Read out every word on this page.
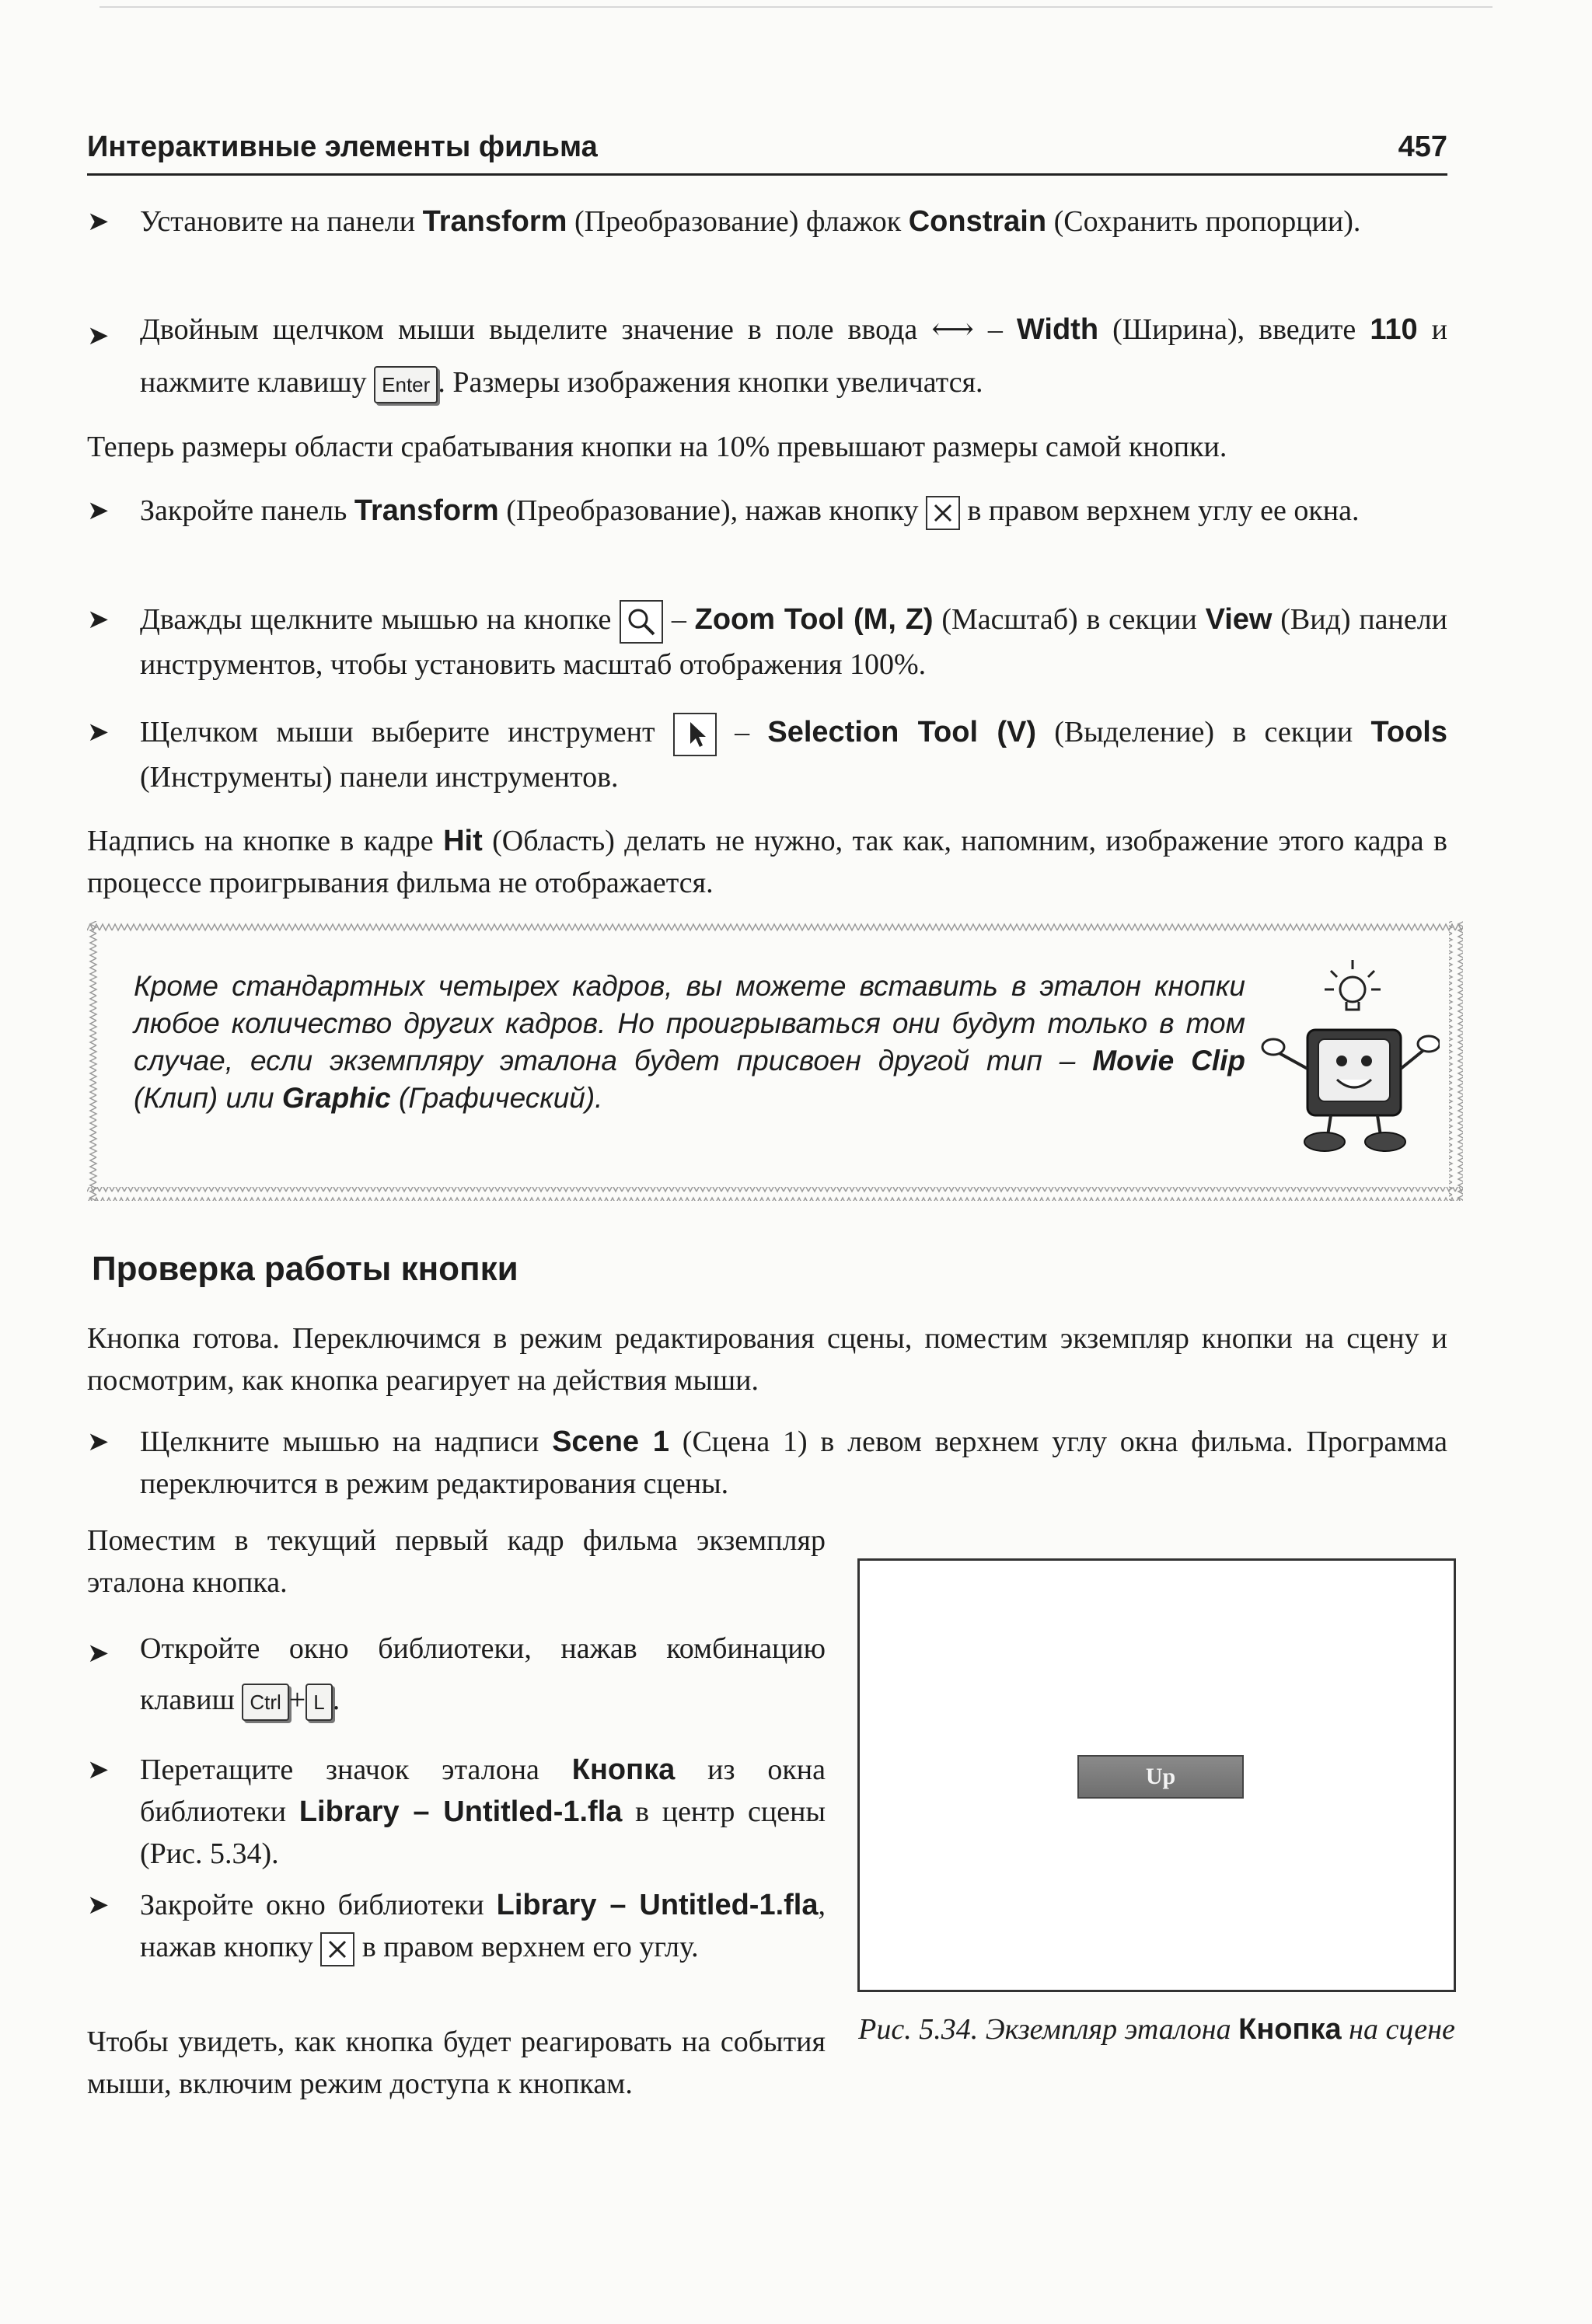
Интерактивные элементы фильма	457
➤ Установите на панели Transform (Преобразование) флажок Constrain (Сохранить пропорции).
➤ Двойным щелчком мыши выделите значение в поле ввода ⟷ – Width (Ширина), введите 110 и нажмите клавишу Enter . Размеры изображения кнопки увеличатся.
Теперь размеры области срабатывания кнопки на 10% превышают размеры самой кнопки.
➤ Закройте панель Transform (Преобразование), нажав кнопку  в правом верхнем углу ее окна.
➤ Дважды щелкните мышью на кнопке  – Zoom Tool (M, Z) (Масштаб) в секции View (Вид) панели инструментов, чтобы установить масштаб отображения 100%.
➤ Щелчком мыши выберите инструмент  – Selection Tool (V) (Выделение) в секции Tools (Инструменты) панели инструментов.
Надпись на кнопке в кадре Hit (Область) делать не нужно, так как, напомним, изображение этого кадра в процессе проигрывания фильма не отображается.
Кроме стандартных четырех кадров, вы можете вставить в эталон кнопки любое количество других кадров. Но проигрываться они будут только в том случае, если экземпляру эталона будет присвоен другой тип – Movie Clip (Клип) или Graphic (Графический).
Проверка работы кнопки
Кнопка готова. Переключимся в режим редактирования сцены, поместим экземпляр кнопки на сцену и посмотрим, как кнопка реагирует на действия мыши.
➤ Щелкните мышью на надписи Scene 1 (Сцена 1) в левом верхнем углу окна фильма. Программа переключится в режим редактирования сцены.
Поместим в текущий первый кадр фильма экземпляр эталона кнопка.
➤ Откройте окно библиотеки, нажав комбинацию клавиш Ctrl + L .
➤ Перетащите значок эталона Кнопка из окна библиотеки Library – Untitled-1.fla в центр сцены (Рис. 5.34).
➤ Закройте окно библиотеки Library – Untitled-1.fla, нажав кнопку  в правом верхнем его углу.
Чтобы увидеть, как кнопка будет реагировать на события мыши, включим режим доступа к кнопкам.
Up
Рис. 5.34. Экземпляр эталона Кнопка на сцене
